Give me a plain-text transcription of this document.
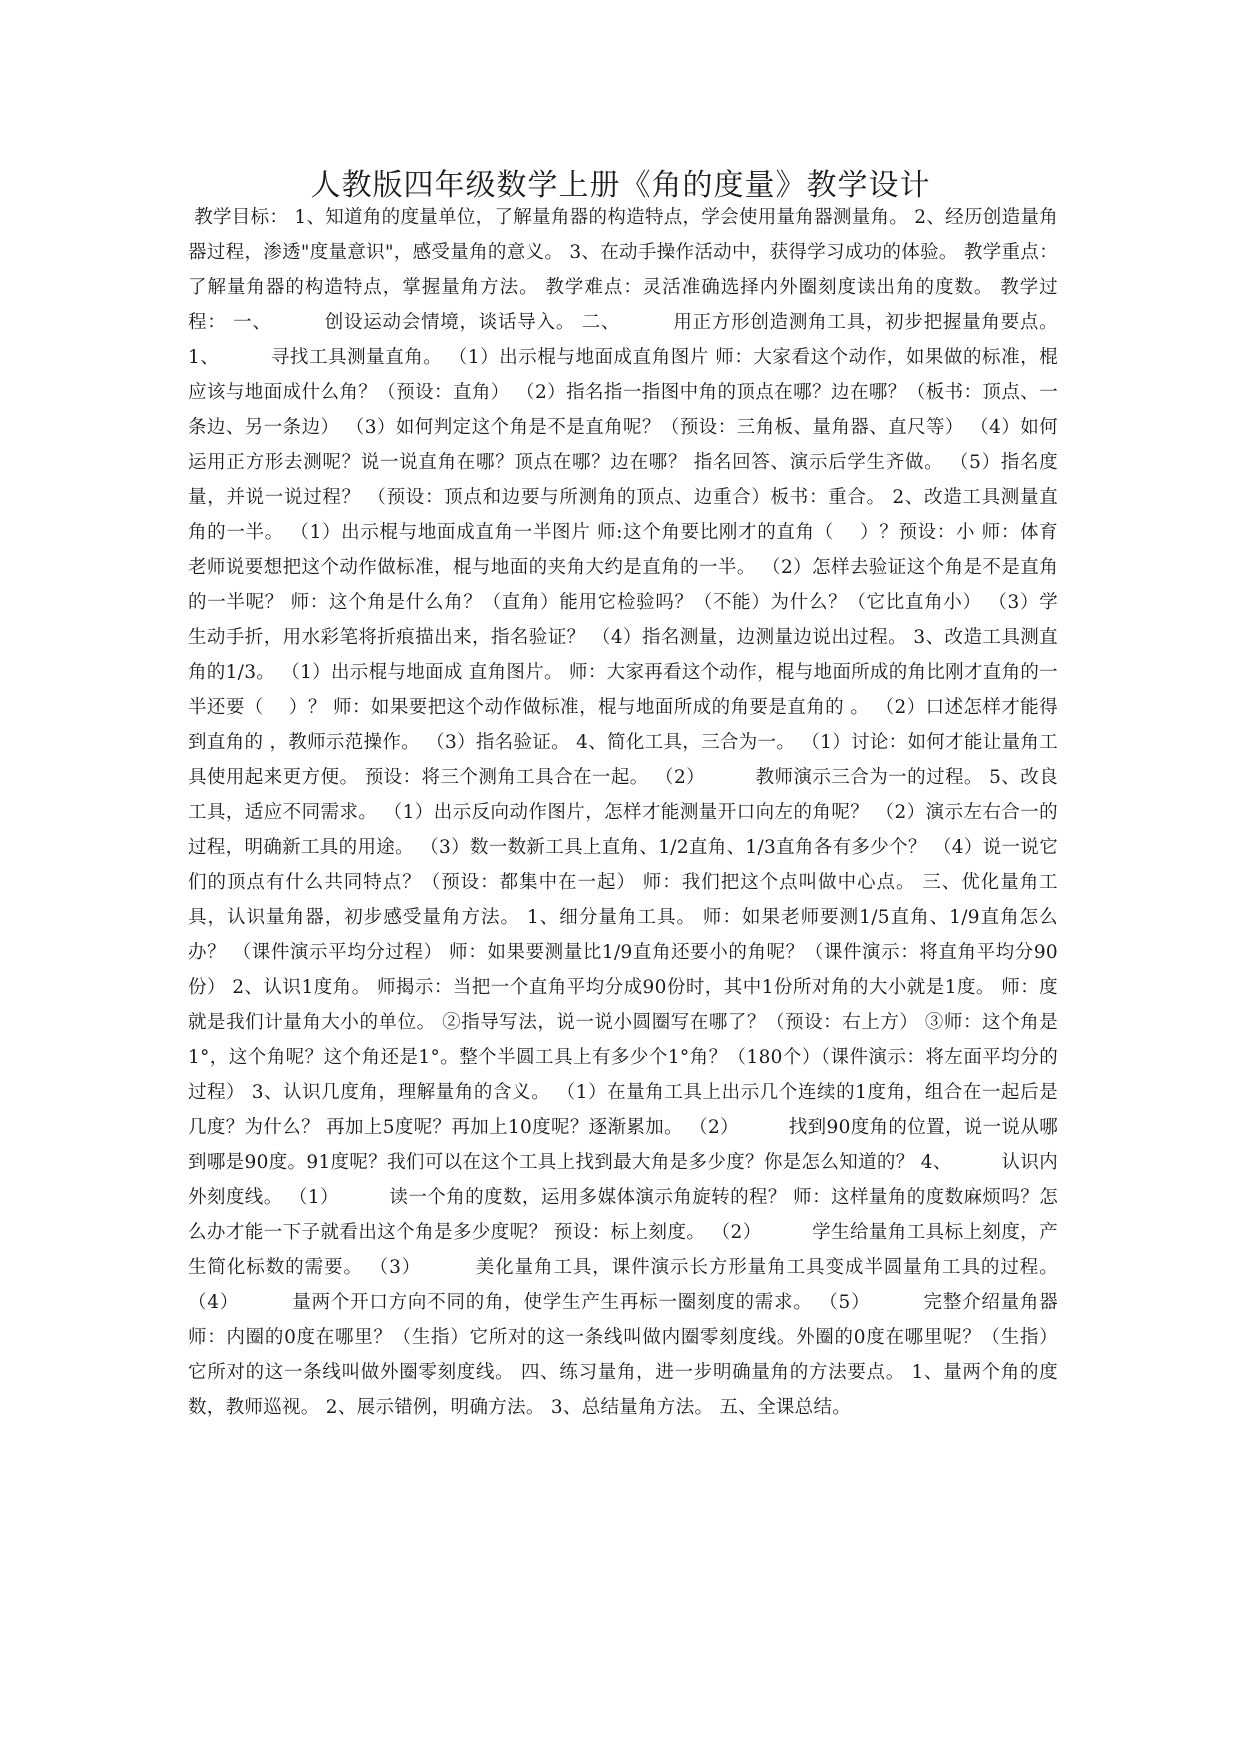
人教版四年级数学上册《角的度量》教学设计

教学目标： 1、知道角的度量单位，了解量角器的构造特点，学会使用量角器测量角。 2、经历创造量角器过程，渗透"度量意识"，感受量角的意义。 3、在动手操作活动中，获得学习成功的体验。 教学重点：了解量角器的构造特点，掌握量角方法。 教学难点：灵活准确选择内外圈刻度读出角的度数。 教学过程： 一、        创设运动会情境，谈话导入。 二、        用正方形创造测角工具，初步把握量角要点。 1、        寻找工具测量直角。 （1）出示棍与地面成直角图片 师：大家看这个动作，如果做的标准，棍应该与地面成什么角？（预设：直角） （2）指名指一指图中角的顶点在哪？边在哪？（板书：顶点、一条边、另一条边） （3）如何判定这个角是不是直角呢？（预设：三角板、量角器、直尺等） （4）如何运用正方形去测呢？说一说直角在哪？顶点在哪？边在哪？ 指名回答、演示后学生齐做。 （5）指名度量，并说一说过程？ （预设：顶点和边要与所测角的顶点、边重合）板书：重合。 2、改造工具测量直角的一半。 （1）出示棍与地面成直角一半图片 师:这个角要比刚才的直角（    ）？预设：小 师：体育老师说要想把这个动作做标准，棍与地面的夹角大约是直角的一半。 （2）怎样去验证这个角是不是直角的一半呢？ 师：这个角是什么角？（直角）能用它检验吗？（不能）为什么？（它比直角小） （3）学生动手折，用水彩笔将折痕描出来，指名验证？ （4）指名测量，边测量边说出过程。 3、改造工具测直角的1/3。 （1）出示棍与地面成 直角图片。 师：大家再看这个动作，棍与地面所成的角比刚才直角的一半还要（    ）？ 师：如果要把这个动作做标准，棍与地面所成的角要是直角的 。 （2）口述怎样才能得到直角的 ，教师示范操作。 （3）指名验证。 4、简化工具，三合为一。 （1）讨论：如何才能让量角工具使用起来更方便。 预设：将三个测角工具合在一起。 （2）        教师演示三合为一的过程。 5、改良工具，适应不同需求。 （1）出示反向动作图片，怎样才能测量开口向左的角呢？ （2）演示左右合一的过程，明确新工具的用途。 （3）数一数新工具上直角、1/2直角、1/3直角各有多少个？ （4）说一说它们的顶点有什么共同特点？（预设：都集中在一起） 师：我们把这个点叫做中心点。 三、优化量角工具，认识量角器，初步感受量角方法。 1、细分量角工具。 师：如果老师要测1/5直角、1/9直角怎么办？ （课件演示平均分过程） 师：如果要测量比1/9直角还要小的角呢？（课件演示：将直角平均分90份） 2、认识1度角。 师揭示：当把一个直角平均分成90份时，其中1份所对角的大小就是1度。 师：度就是我们计量角大小的单位。 ②指导写法，说一说小圆圈写在哪了？（预设：右上方） ③师：这个角是1°，这个角呢？这个角还是1°。整个半圆工具上有多少个1°角？（180个）（课件演示：将左面平均分的过程） 3、认识几度角，理解量角的含义。 （1）在量角工具上出示几个连续的1度角，组合在一起后是几度？为什么？ 再加上5度呢？再加上10度呢？逐渐累加。 （2）        找到90度角的位置，说一说从哪到哪是90度。91度呢？我们可以在这个工具上找到最大角是多少度？你是怎么知道的？ 4、        认识内外刻度线。 （1）        读一个角的度数，运用多媒体演示角旋转的程？ 师：这样量角的度数麻烦吗？怎么办才能一下子就看出这个角是多少度呢？ 预设：标上刻度。 （2）        学生给量角工具标上刻度，产生简化标数的需要。 （3）        美化量角工具，课件演示长方形量角工具变成半圆量角工具的过程。 （4）        量两个开口方向不同的角，使学生产生再标一圈刻度的需求。 （5）        完整介绍量角器 师：内圈的0度在哪里？（生指）它所对的这一条线叫做内圈零刻度线。外圈的0度在哪里呢？（生指）它所对的这一条线叫做外圈零刻度线。 四、练习量角，进一步明确量角的方法要点。 1、量两个角的度数，教师巡视。 2、展示错例，明确方法。 3、总结量角方法。 五、全课总结。
